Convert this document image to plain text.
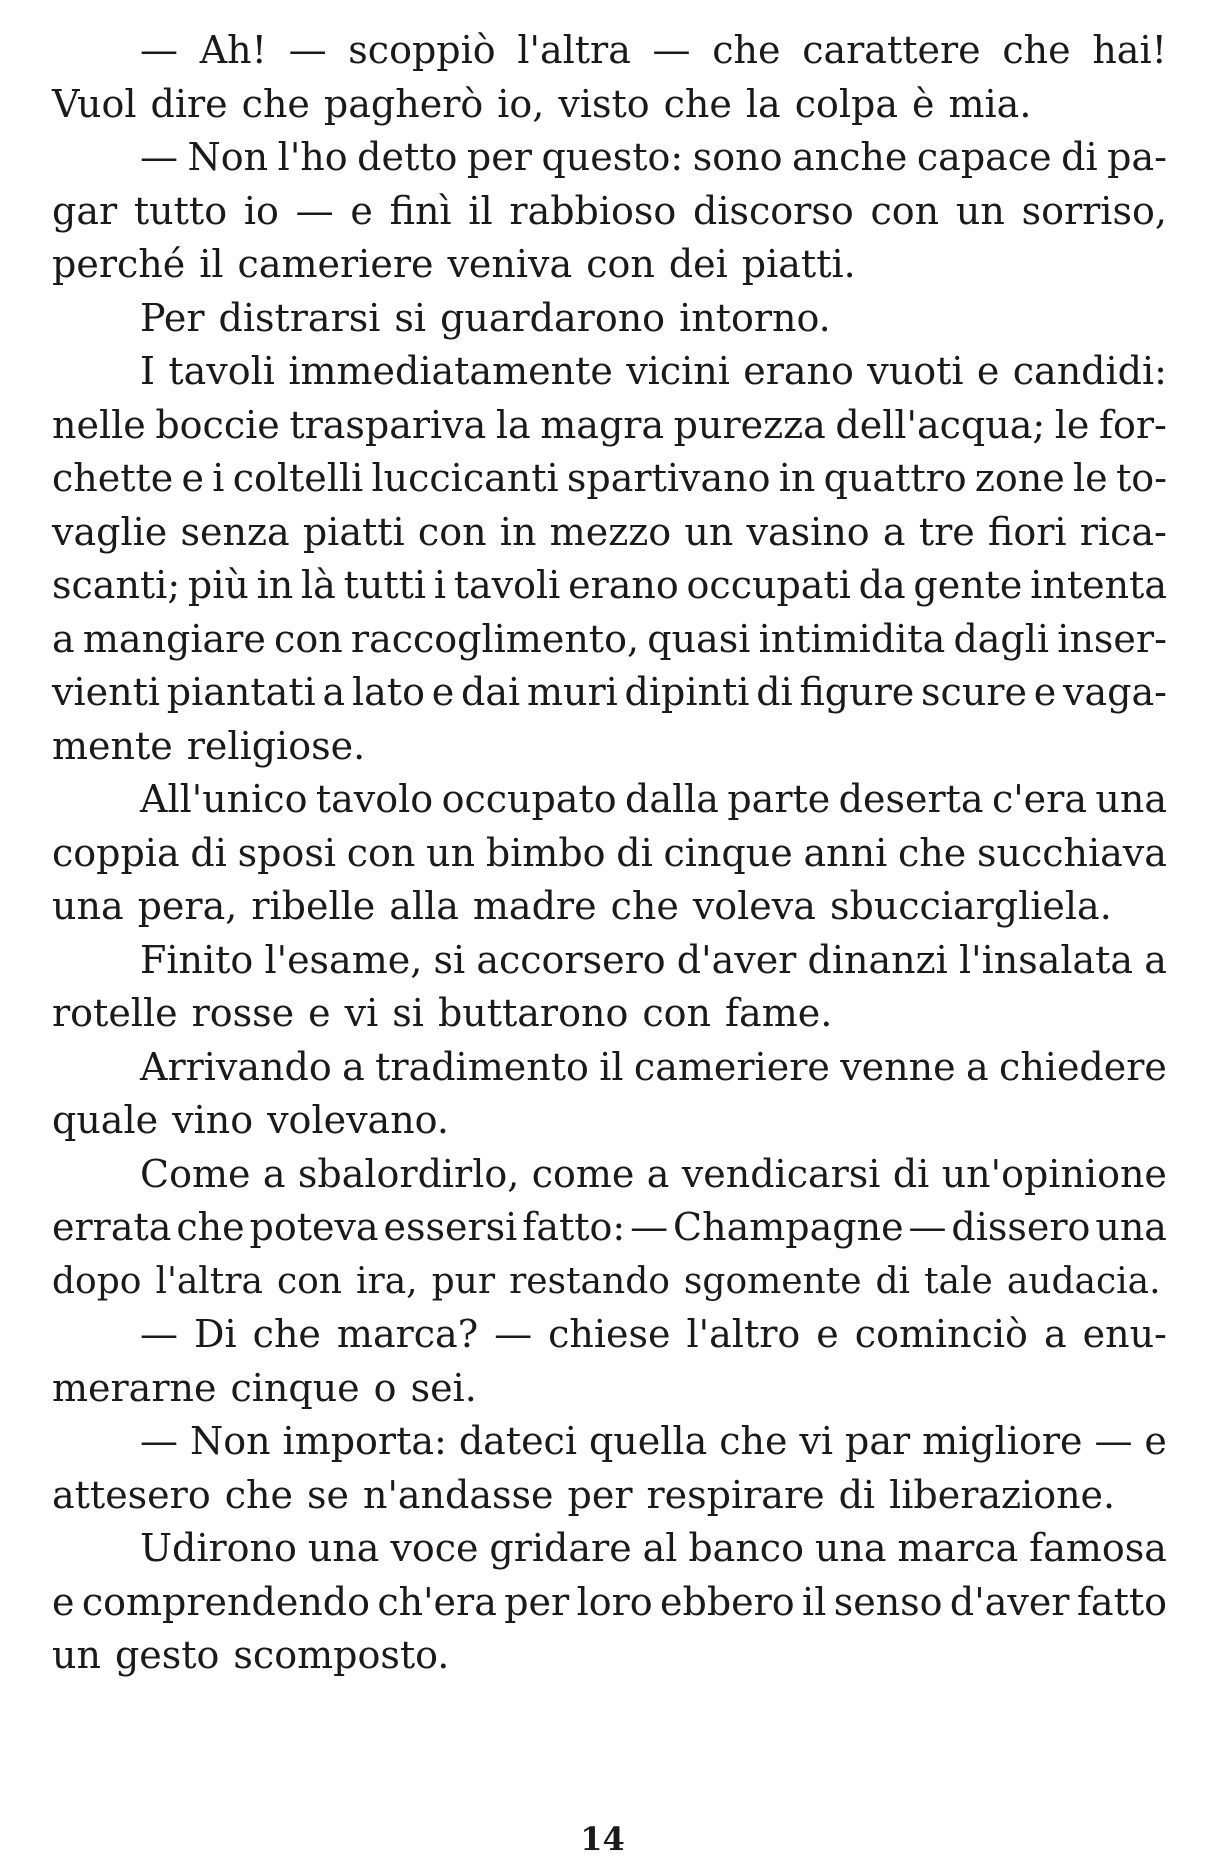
— Ah! — scoppiò l'altra — che carattere che hai!
Vuol dire che pagherò io, visto che la colpa è mia.
— Non l'ho detto per questo: sono anche capace di pa-
gar tutto io — e finì il rabbioso discorso con un sorriso,
perché il cameriere veniva con dei piatti.
Per distrarsi si guardarono intorno.
I tavoli immediatamente vicini erano vuoti e candidi:
nelle boccie traspariva la magra purezza dell'acqua; le for-
chette e i coltelli luccicanti spartivano in quattro zone le to-
vaglie senza piatti con in mezzo un vasino a tre fiori rica-
scanti; più in là tutti i tavoli erano occupati da gente intenta
a mangiare con raccoglimento, quasi intimidita dagli inser-
vienti piantati a lato e dai muri dipinti di figure scure e vaga-
mente religiose.
All'unico tavolo occupato dalla parte deserta c'era una
coppia di sposi con un bimbo di cinque anni che succhiava
una pera, ribelle alla madre che voleva sbucciargliela.
Finito l'esame, si accorsero d'aver dinanzi l'insalata a
rotelle rosse e vi si buttarono con fame.
Arrivando a tradimento il cameriere venne a chiedere
quale vino volevano.
Come a sbalordirlo, come a vendicarsi di un'opinione
errata che poteva essersi fatto: — Champagne — dissero una
dopo l'altra con ira, pur restando sgomente di tale audacia.
— Di che marca? — chiese l'altro e cominciò a enu-
merarne cinque o sei.
— Non importa: dateci quella che vi par migliore — e
attesero che se n'andasse per respirare di liberazione.
Udirono una voce gridare al banco una marca famosa
e comprendendo ch'era per loro ebbero il senso d'aver fatto
un gesto scomposto.
14
